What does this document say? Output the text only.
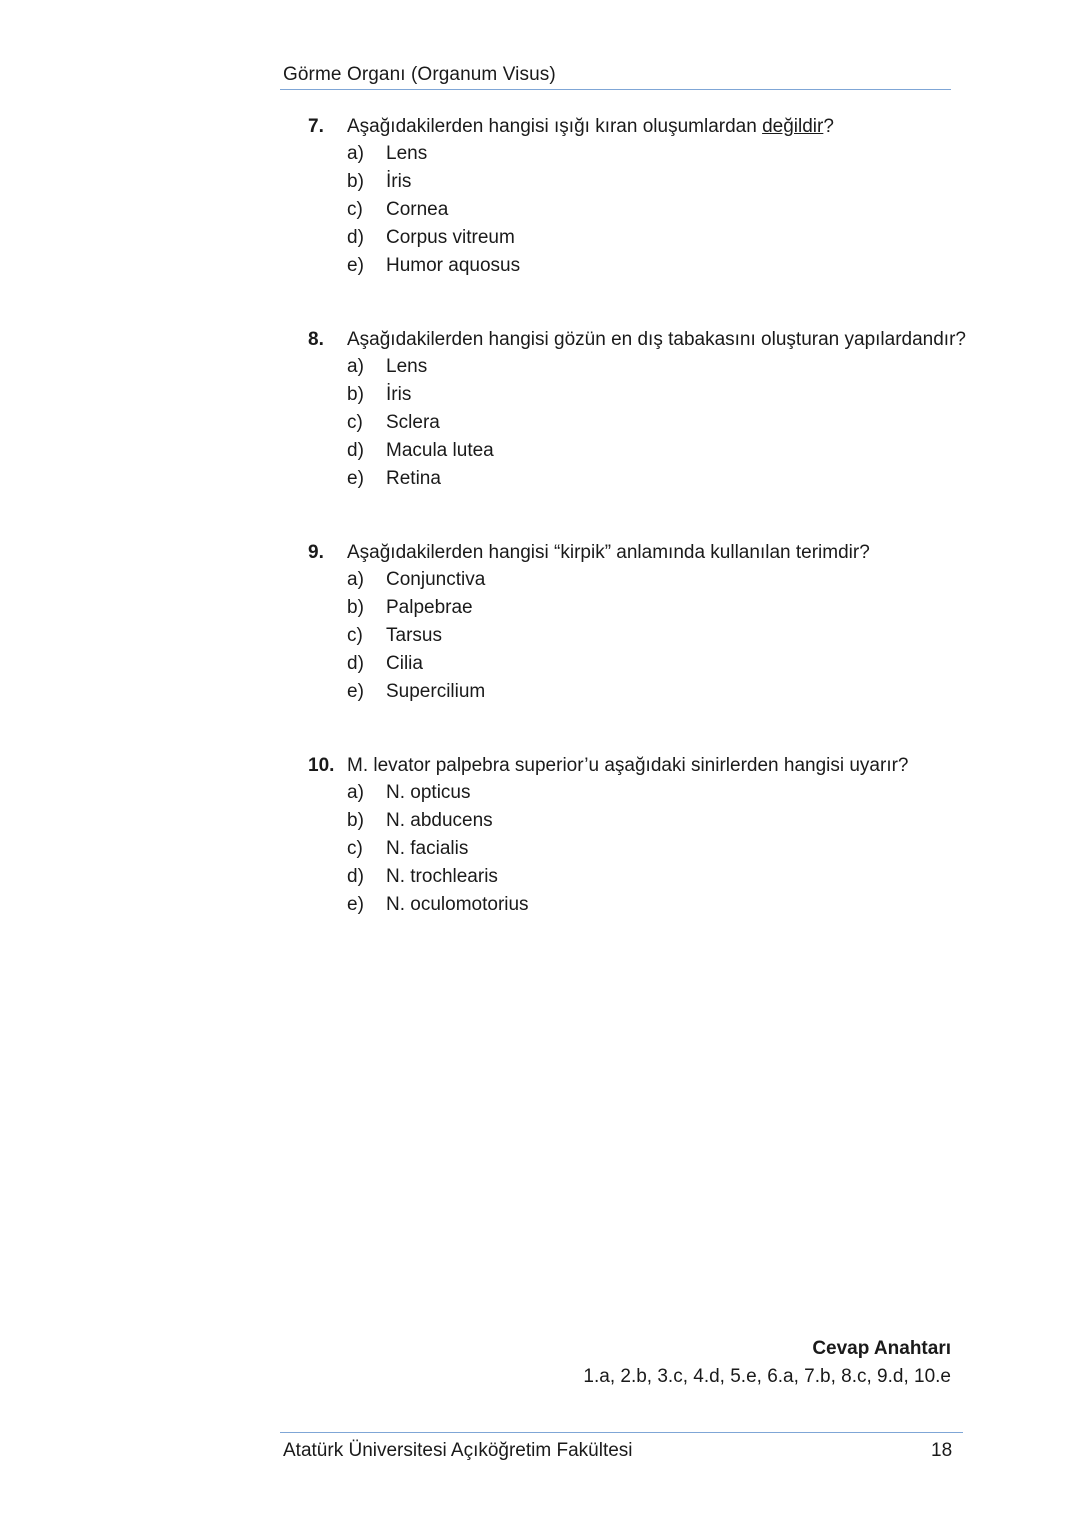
Görme Organı (Organum Visus)
7. Aşağıdakilerden hangisi ışığı kıran oluşumlardan değildir?
a) Lens
b) İris
c) Cornea
d) Corpus vitreum
e) Humor aquosus
8. Aşağıdakilerden hangisi gözün en dış tabakasını oluşturan yapılardandır?
a) Lens
b) İris
c) Sclera
d) Macula lutea
e) Retina
9. Aşağıdakilerden hangisi “kirpik” anlamında kullanılan terimdir?
a) Conjunctiva
b) Palpebrae
c) Tarsus
d) Cilia
e) Supercilium
10. M. levator palpebra superior’u aşağıdaki sinirlerden hangisi uyarır?
a) N. opticus
b) N. abducens
c) N. facialis
d) N. trochlearis
e) N. oculomotorius
Cevap Anahtarı
1.a, 2.b, 3.c, 4.d, 5.e, 6.a, 7.b, 8.c, 9.d, 10.e
Atatürk Üniversitesi Açıköğretim Fakültesi	18
